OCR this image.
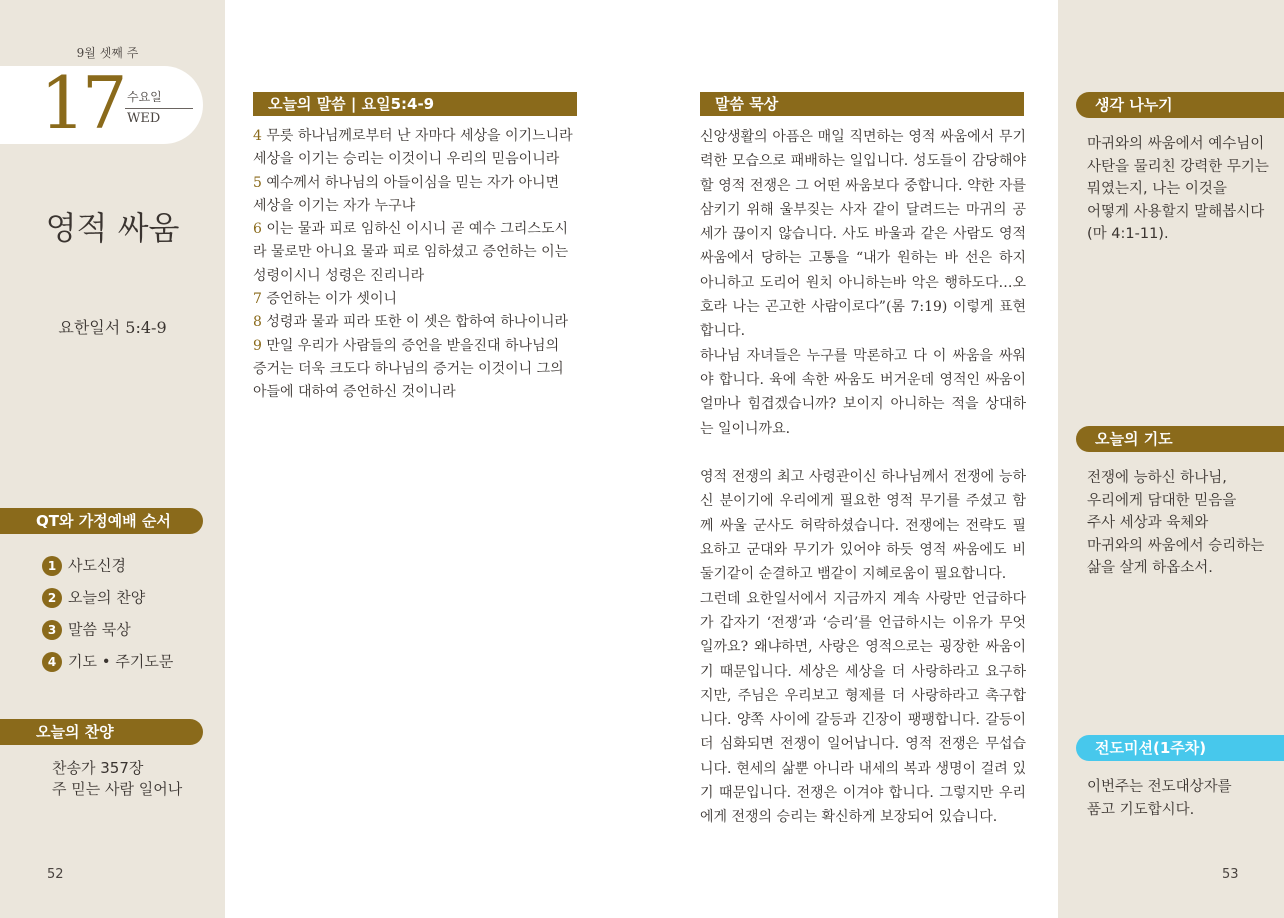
9월 셋째 주
17 수요일
WED
영적 싸움
요한일서 5:4-9
QT와 가정예배 순서
1 사도신경
2 오늘의 찬양
3 말씀 묵상
4 기도 • 주기도문
오늘의 찬양
찬송가 357장
주 믿는 사람 일어나
52
오늘의 말씀 | 요일5:4-9
4 무릇 하나님께로부터 난 자마다 세상을 이기느니라 세상을 이기는 승리는 이것이니 우리의 믿음이니라
5 예수께서 하나님의 아들이심을 믿는 자가 아니면 세상을 이기는 자가 누구냐
6 이는 물과 피로 임하신 이시니 곧 예수 그리스도시라 물로만 아니요 물과 피로 임하셨고 증언하는 이는 성령이시니 성령은 진리니라
7 증언하는 이가 셋이니
8 성령과 물과 피라 또한 이 셋은 합하여 하나이니라
9 만일 우리가 사람들의 증언을 받을진대 하나님의 증거는 더욱 크도다 하나님의 증거는 이것이니 그의 아들에 대하여 증언하신 것이니라
말씀 묵상

신앙생활의 아픔은 매일 직면하는 영적 싸움에서 무기력한 모습으로 패배하는 일입니다. 성도들이 감당해야 할 영적 전쟁은 그 어떤 싸움보다 중합니다. 약한 자를 삼키기 위해 울부짖는 사자 같이 달려드는 마귀의 공세가 끊이지 않습니다. 사도 바울과 같은 사람도 영적 싸움에서 당하는 고통을 “내가 원하는 바 선은 하지 아니하고 도리어 원치 아니하는바 악은 행하도다…오호라 나는 곤고한 사람이로다”(롬 7:19) 이렇게 표현합니다.

하나님 자녀들은 누구를 막론하고 다 이 싸움을 싸워야 합니다. 육에 속한 싸움도 버거운데 영적인 싸움이 얼마나 힘겹겠습니까? 보이지 아니하는 적을 상대하는 일이니까요.

영적 전쟁의 최고 사령관이신 하나님께서 전쟁에 능하신 분이기에 우리에게 필요한 영적 무기를 주셨고 함께 싸울 군사도 허락하셨습니다. 전쟁에는 전략도 필요하고 군대와 무기가 있어야 하듯 영적 싸움에도 비둘기같이 순결하고 뱀같이 지혜로움이 필요합니다.

그런데 요한일서에서 지금까지 계속 사랑만 언급하다가 갑자기 ‘전쟁’과 ‘승리’를 언급하시는 이유가 무엇일까요? 왜냐하면, 사랑은 영적으로는 굉장한 싸움이기 때문입니다. 세상은 세상을 더 사랑하라고 요구하지만, 주님은 우리보고 형제를 더 사랑하라고 촉구합니다. 양쪽 사이에 갈등과 긴장이 팽팽합니다. 갈등이 더 심화되면 전쟁이 일어납니다. 영적 전쟁은 무섭습니다. 현세의 삶뿐 아니라 내세의 복과 생명이 걸려 있기 때문입니다. 전쟁은 이겨야 합니다. 그렇지만 우리에게 전쟁의 승리는 확신하게 보장되어 있습니다.

생각 나누기
마귀와의 싸움에서 예수님이
사탄을 물리친 강력한 무기는
뭐였는지, 나는 이것을
어떻게 사용할지 말해봅시다
(마 4:1-11).
오늘의 기도
전쟁에 능하신 하나님,
우리에게 담대한 믿음을
주사 세상과 육체와
마귀와의 싸움에서 승리하는
삶을 살게 하옵소서.
전도미션(1주차)
이번주는 전도대상자를
품고 기도합시다.
53
